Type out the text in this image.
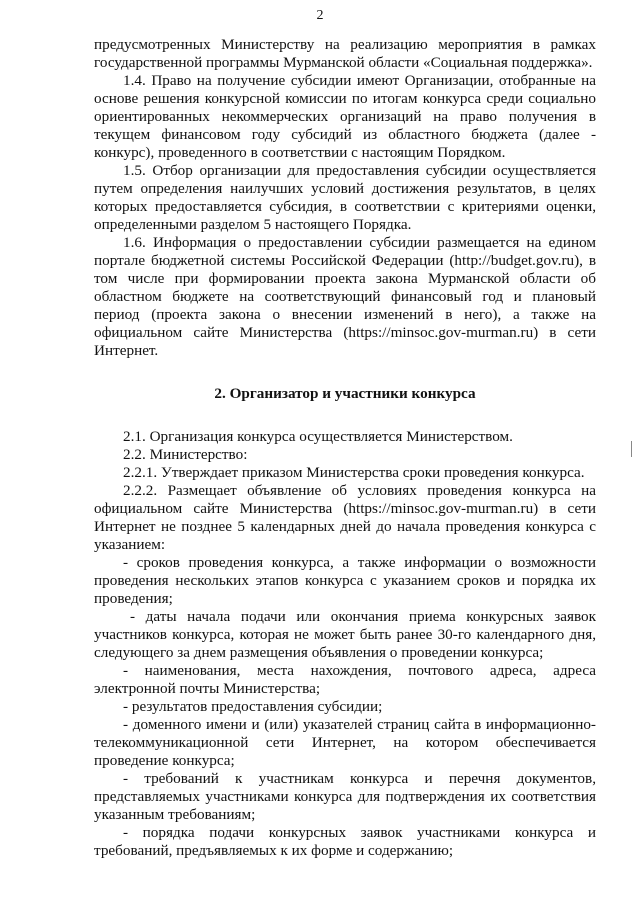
2

предусмотренных Министерству на реализацию мероприятия в рамках государственной программы Мурманской области «Социальная поддержка».

1.4. Право на получение субсидии имеют Организации, отобранные на основе решения конкурсной комиссии по итогам конкурса среди социально ориентированных некоммерческих организаций на право получения в текущем финансовом году субсидий из областного бюджета (далее - конкурс), проведенного в соответствии с настоящим Порядком.

1.5. Отбор организации для предоставления субсидии осуществляется путем определения наилучших условий достижения результатов, в целях которых предоставляется субсидия, в соответствии с критериями оценки, определенными разделом 5 настоящего Порядка.

1.6. Информация о предоставлении субсидии размещается на едином портале бюджетной системы Российской Федерации (http://budget.gov.ru), в том числе при формировании проекта закона Мурманской области об областном бюджете на соответствующий финансовый год и плановый период (проекта закона о внесении изменений в него), а также на официальном сайте Министерства (https://minsoc.gov-murman.ru) в сети Интернет.

2. Организатор и участники конкурса

2.1. Организация конкурса осуществляется Министерством.

2.2. Министерство:

2.2.1. Утверждает приказом Министерства сроки проведения конкурса.

2.2.2. Размещает объявление об условиях проведения конкурса на официальном сайте Министерства (https://minsoc.gov-murman.ru) в сети Интернет не позднее 5 календарных дней до начала проведения конкурса с указанием:

- сроков проведения конкурса, а также информации о возможности проведения нескольких этапов конкурса с указанием сроков и порядка их проведения;

- даты начала подачи или окончания приема конкурсных заявок участников конкурса, которая не может быть ранее 30-го календарного дня, следующего за днем размещения объявления о проведении конкурса;

- наименования, места нахождения, почтового адреса, адреса электронной почты Министерства;

- результатов предоставления субсидии;

- доменного имени и (или) указателей страниц сайта в информационно-телекоммуникационной сети Интернет, на котором обеспечивается проведение конкурса;

- требований к участникам конкурса и перечня документов, представляемых участниками конкурса для подтверждения их соответствия указанным требованиям;

- порядка подачи конкурсных заявок участниками конкурса и требований, предъявляемых к их форме и содержанию;
